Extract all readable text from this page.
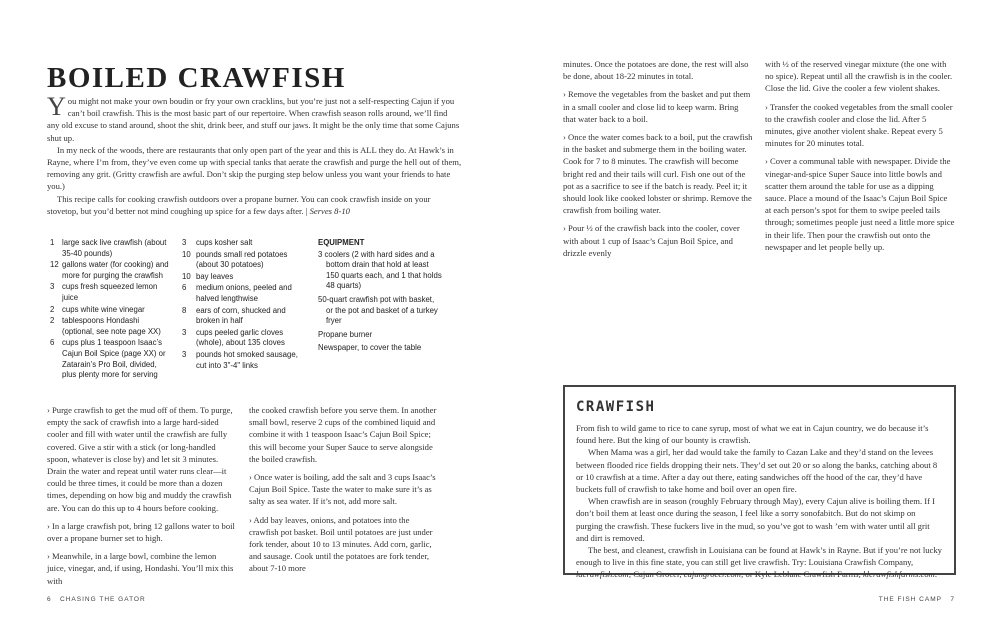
BOILED CRAWFISH

You might not make your own boudin or fry your own cracklins, but you’re just not a self-respecting Cajun if you can’t boil crawfish. This is the most basic part of our repertoire. When crawfish season rolls around, we’ll find any old excuse to stand around, shoot the shit, drink beer, and stuff our jaws. It might be the only time that some Cajuns shut up.

In my neck of the woods, there are restaurants that only open part of the year and this is ALL they do. At Hawk’s in Rayne, where I’m from, they’ve even come up with special tanks that aerate the crawfish and purge the hell out of them, removing any grit. (Gritty crawfish are awful. Don’t skip the purging step below unless you want your friends to hate you.)

This recipe calls for cooking crawfish outdoors over a propane burner. You can cook crawfish inside on your stovetop, but you’d better not mind coughing up spice for a few days after. | Serves 8-10

1 large sack live crawfish (about 35-40 pounds)
12 gallons water (for cooking) and more for purging the crawfish
3 cups fresh squeezed lemon juice
2 cups white wine vinegar
2 tablespoons Hondashi (optional, see note page XX)
6 cups plus 1 teaspoon Isaac’s Cajun Boil Spice (page XX) or Zatarain’s Pro Boil, divided, plus plenty more for serving
3	cups kosher salt
10 pounds small red potatoes (about 30 potatoes)
10 bay leaves
6	medium onions, peeled and halved lengthwise
8	ears of corn, shucked and broken in half
3	cups peeled garlic cloves (whole), about 135 cloves
3	pounds hot smoked sausage, cut into 3"-4" links
EQUIPMENT
3 coolers (2 with hard sides and a bottom drain that hold at least 150 quarts each, and 1 that holds 48 quarts)
50-quart crawfish pot with basket, or the pot and basket of a turkey fryer
Propane burner
Newspaper, to cover the table

› Purge crawfish to get the mud off of them. To purge, empty the sack of crawfish into a large hard-sided cooler and fill with water until the crawfish are fully covered. Give a stir with a stick (or long-handled spoon, whatever is close by) and let sit 3 minutes. Drain the water and repeat until water runs clear—it could be three times, it could be more than a dozen times, depending on how big and muddy the crawfish are. You can do this up to 4 hours before cooking.

› In a large crawfish pot, bring 12 gallons water to boil over a propane burner set to high.

› Meanwhile, in a large bowl, combine the lemon juice, vinegar, and, if using, Hondashi. You’ll mix this with

the cooked crawfish before you serve them. In another small bowl, reserve 2 cups of the combined liquid and combine it with 1 teaspoon Isaac’s Cajun Boil Spice; this will become your Super Sauce to serve alongside the boiled crawfish.

› Once water is boiling, add the salt and 3 cups Isaac’s Cajun Boil Spice. Taste the water to make sure it’s as salty as sea water. If it’s not, add more salt.

› Add bay leaves, onions, and potatoes into the crawfish pot basket. Boil until potatoes are just under fork tender, about 10 to 13 minutes. Add corn, garlic, and sausage. Cook until the potatoes are fork tender, about 7-10 more

6 CHASING THE GATOR

minutes. Once the potatoes are done, the rest will also be done, about 18-22 minutes in total.

› Remove the vegetables from the basket and put them in a small cooler and close lid to keep warm. Bring that water back to a boil.

› Once the water comes back to a boil, put the crawfish in the basket and submerge them in the boiling water. Cook for 7 to 8 minutes. The crawfish will become bright red and their tails will curl. Fish one out of the pot as a sacrifice to see if the batch is ready. Peel it; it should look like cooked lobster or shrimp. Remove the crawfish from boiling water.

› Pour ½ of the crawfish back into the cooler, cover with about 1 cup of Isaac’s Cajun Boil Spice, and drizzle evenly

with ½ of the reserved vinegar mixture (the one with no spice). Repeat until all the crawfish is in the cooler. Close the lid. Give the cooler a few violent shakes.

› Transfer the cooked vegetables from the small cooler to the crawfish cooler and close the lid. After 5 minutes, give another violent shake. Repeat every 5 minutes for 20 minutes total.

› Cover a communal table with newspaper. Divide the vinegar-and-spice Super Sauce into little bowls and scatter them around the table for use as a dipping sauce. Place a mound of the Isaac’s Cajun Boil Spice at each person’s spot for them to swipe peeled tails through; sometimes people just need a little more spice in their life. Then pour the crawfish out onto the newspaper and let people belly up.

CRAWFISH

From fish to wild game to rice to cane syrup, most of what we eat in Cajun country, we do because it’s found here. But the king of our bounty is crawfish.

When Mama was a girl, her dad would take the family to Cazan Lake and they’d stand on the levees between flooded rice fields dropping their nets. They’d set out 20 or so along the banks, catching about 8 or 10 crawfish at a time. After a day out there, eating sandwiches off the hood of the car, they’d have buckets full of crawfish to take home and boil over an open fire.

When crawfish are in season (roughly February through May), every Cajun alive is boiling them. If I don’t boil them at least once during the season, I feel like a sorry sonofabitch. But do not skimp on purging the crawfish. These fuckers live in the mud, so you’ve got to wash ’em with water until all grit and dirt is removed.

The best, and cleanest, crawfish in Louisiana can be found at Hawk’s in Rayne. But if you’re not lucky enough to live in this fine state, you can still get live crawfish. Try: Louisiana Crawfish Company, lacrawfish.com; Cajun Grocer, cajungrocer.com; or Kyle Leblanc Crawfish Farms, klcrawfishfarms.com.

THE FISH CAMP 7
